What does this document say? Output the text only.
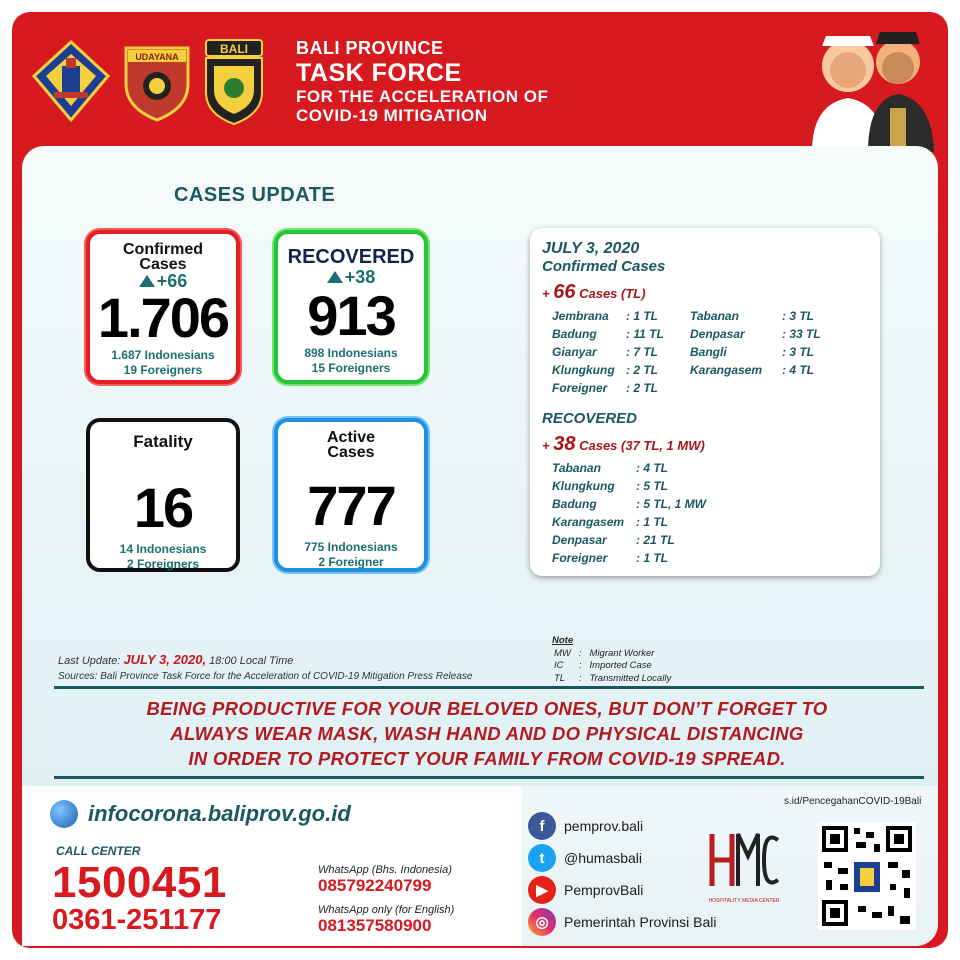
UDAYANA
BALI	BALI PROVINCE
TASK FORCE
FOR THE ACCELERATION OF
COVID-19 MITIGATION
CASES UPDATE
Confirmed
Cases
+66
1.706
1.687 Indonesians
19 Foreigners
RECOVERED
+38
913
898 Indonesians
15 Foreigners
Fatality
16
14 Indonesians
2 Foreigners
Active
Cases
777
775 Indonesians
2 Foreigner
JULY 3, 2020
Confirmed Cases
+ 66 Cases (TL)
Jembrana	: 1 TL	Tabanan	: 3 TL
Badung	: 11 TL	Denpasar	: 33 TL
Gianyar	: 7 TL	Bangli	: 3 TL
Klungkung	: 2 TL	Karangasem	: 4 TL
Foreigner	: 2 TL		
RECOVERED
+ 38 Cases (37 TL, 1 MW)
Tabanan	: 4 TL
Klungkung	: 5 TL
Badung	: 5 TL, 1 MW
Karangasem	: 1 TL
Denpasar	: 21 TL
Foreigner	: 1 TL
Last Update: JULY 3, 2020, 18:00 Local Time
Sources: Bali Province Task Force for the Acceleration of COVID-19 Mitigation Press Release
Note
MW	:	Migrant Worker
IC	:	Imported Case
TL	:	Transmitted Locally
BEING PRODUCTIVE FOR YOUR BELOVED ONES, BUT DON’T FORGET TO
ALWAYS WEAR MASK, WASH HAND AND DO PHYSICAL DISTANCING
IN ORDER TO PROTECT YOUR FAMILY FROM COVID-19 SPREAD.
infocorona.baliprov.go.id
CALL CENTER
1500451
0361-251177
WhatsApp (Bhs. Indonesia)
085792240799
WhatsApp only (for English)
081357580900
f	pemprov.bali
t	@humasbali
▶	PemprovBali
◎	Pemerintah Provinsi Bali
HOSPITALITY MEDIA CENTER
s.id/PencegahanCOVID-19Bali
